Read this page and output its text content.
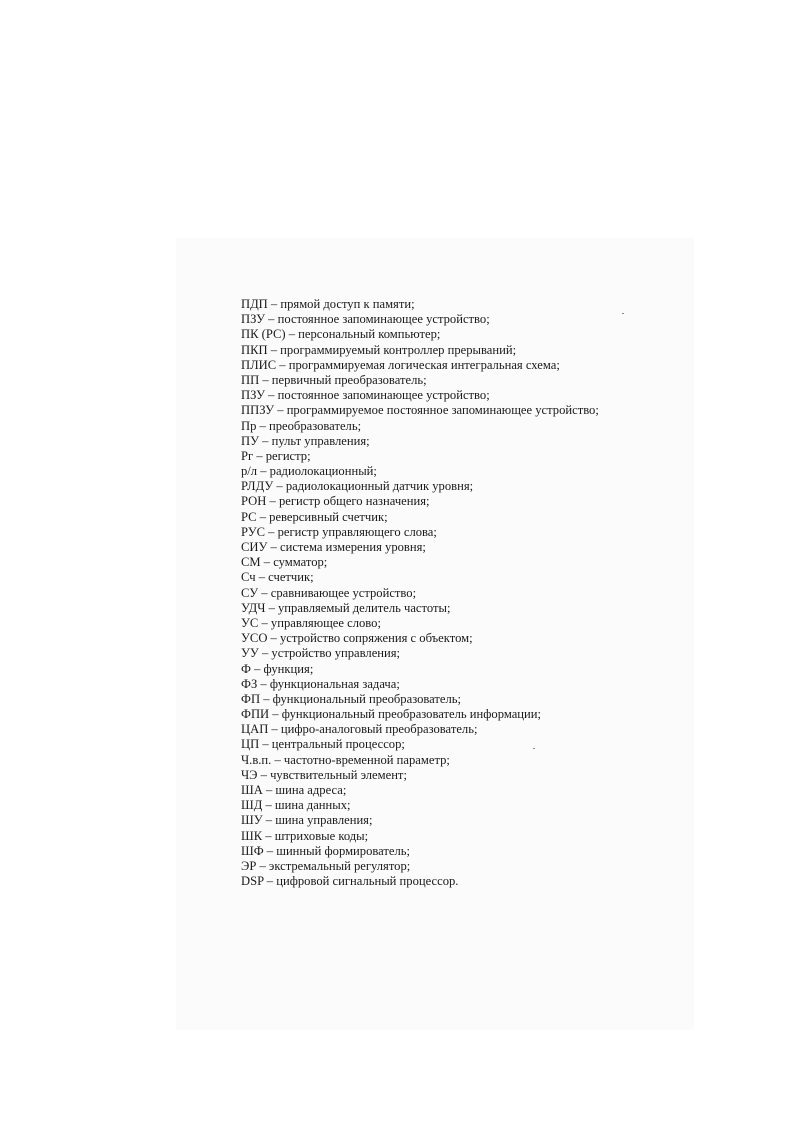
ПДП – прямой доступ к памяти;
ПЗУ – постоянное запоминающее устройство;
ПК (РС) – персональный компьютер;
ПКП – программируемый контроллер прерываний;
ПЛИС – программируемая логическая интегральная схема;
ПП – первичный преобразователь;
ПЗУ – постоянное запоминающее устройство;
ППЗУ – программируемое постоянное запоминающее устройство;
Пр – преобразователь;
ПУ – пульт управления;
Рг – регистр;
р/л – радиолокационный;
РЛДУ – радиолокационный датчик уровня;
РОН – регистр общего назначения;
РС – реверсивный счетчик;
РУС – регистр управляющего слова;
СИУ – система измерения уровня;
СМ – сумматор;
Сч – счетчик;
СУ – сравнивающее устройство;
УДЧ – управляемый делитель частоты;
УС – управляющее слово;
УСО – устройство сопряжения с объектом;
УУ – устройство управления;
Ф – функция;
ФЗ – функциональная задача;
ФП – функциональный преобразователь;
ФПИ – функциональный преобразователь информации;
ЦАП – цифро-аналоговый преобразователь;
ЦП – центральный процессор;
Ч.в.п. – частотно-временной параметр;
ЧЭ – чувствительный элемент;
ША – шина адреса;
ШД – шина данных;
ШУ – шина управления;
ШК – штриховые коды;
ШФ – шинный формирователь;
ЭР – экстремальный регулятор;
DSP – цифровой сигнальный процессор.
